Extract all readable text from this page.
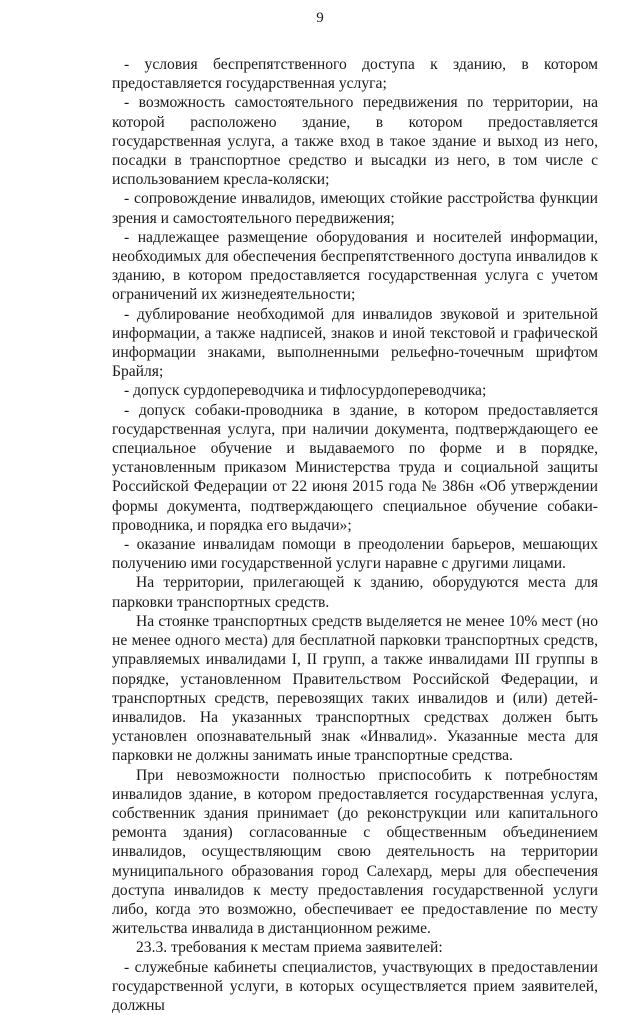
9

- условия беспрепятственного доступа к зданию, в котором предоставляется государственная услуга;

- возможность самостоятельного передвижения по территории, на которой расположено здание, в котором предоставляется государственная услуга, а также вход в такое здание и выход из него, посадки в транспортное средство и высадки из него, в том числе с использованием кресла-коляски;

- сопровождение инвалидов, имеющих стойкие расстройства функции зрения и самостоятельного передвижения;

- надлежащее размещение оборудования и носителей информации, необходимых для обеспечения беспрепятственного доступа инвалидов к зданию, в котором предоставляется государственная услуга с учетом ограничений их жизнедеятельности;

- дублирование необходимой для инвалидов звуковой и зрительной информации, а также надписей, знаков и иной текстовой и графической информации знаками, выполненными рельефно-точечным шрифтом Брайля;

- допуск сурдопереводчика и тифлосурдопереводчика;

- допуск собаки-проводника в здание, в котором предоставляется государственная услуга, при наличии документа, подтверждающего ее специальное обучение и выдаваемого по форме и в порядке, установленным приказом Министерства труда и социальной защиты Российской Федерации от 22 июня 2015 года № 386н «Об утверждении формы документа, подтверждающего специальное обучение собаки-проводника, и порядка его выдачи»;

- оказание инвалидам помощи в преодолении барьеров, мешающих получению ими государственной услуги наравне с другими лицами.

На территории, прилегающей к зданию, оборудуются места для парковки транспортных средств.

На стоянке транспортных средств выделяется не менее 10% мест (но не менее одного места) для бесплатной парковки транспортных средств, управляемых инвалидами I, II групп, а также инвалидами III группы в порядке, установленном Правительством Российской Федерации, и транспортных средств, перевозящих таких инвалидов и (или) детей-инвалидов. На указанных транспортных средствах должен быть установлен опознавательный знак «Инвалид». Указанные места для парковки не должны занимать иные транспортные средства.

При невозможности полностью приспособить к потребностям инвалидов здание, в котором предоставляется государственная услуга, собственник здания принимает (до реконструкции или капитального ремонта здания) согласованные с общественным объединением инвалидов, осуществляющим свою деятельность на территории муниципального образования город Салехард, меры для обеспечения доступа инвалидов к месту предоставления государственной услуги либо, когда это возможно, обеспечивает ее предоставление по месту жительства инвалида в дистанционном режиме.

23.3. требования к местам приема заявителей:

- служебные кабинеты специалистов, участвующих в предоставлении государственной услуги, в которых осуществляется прием заявителей, должны
